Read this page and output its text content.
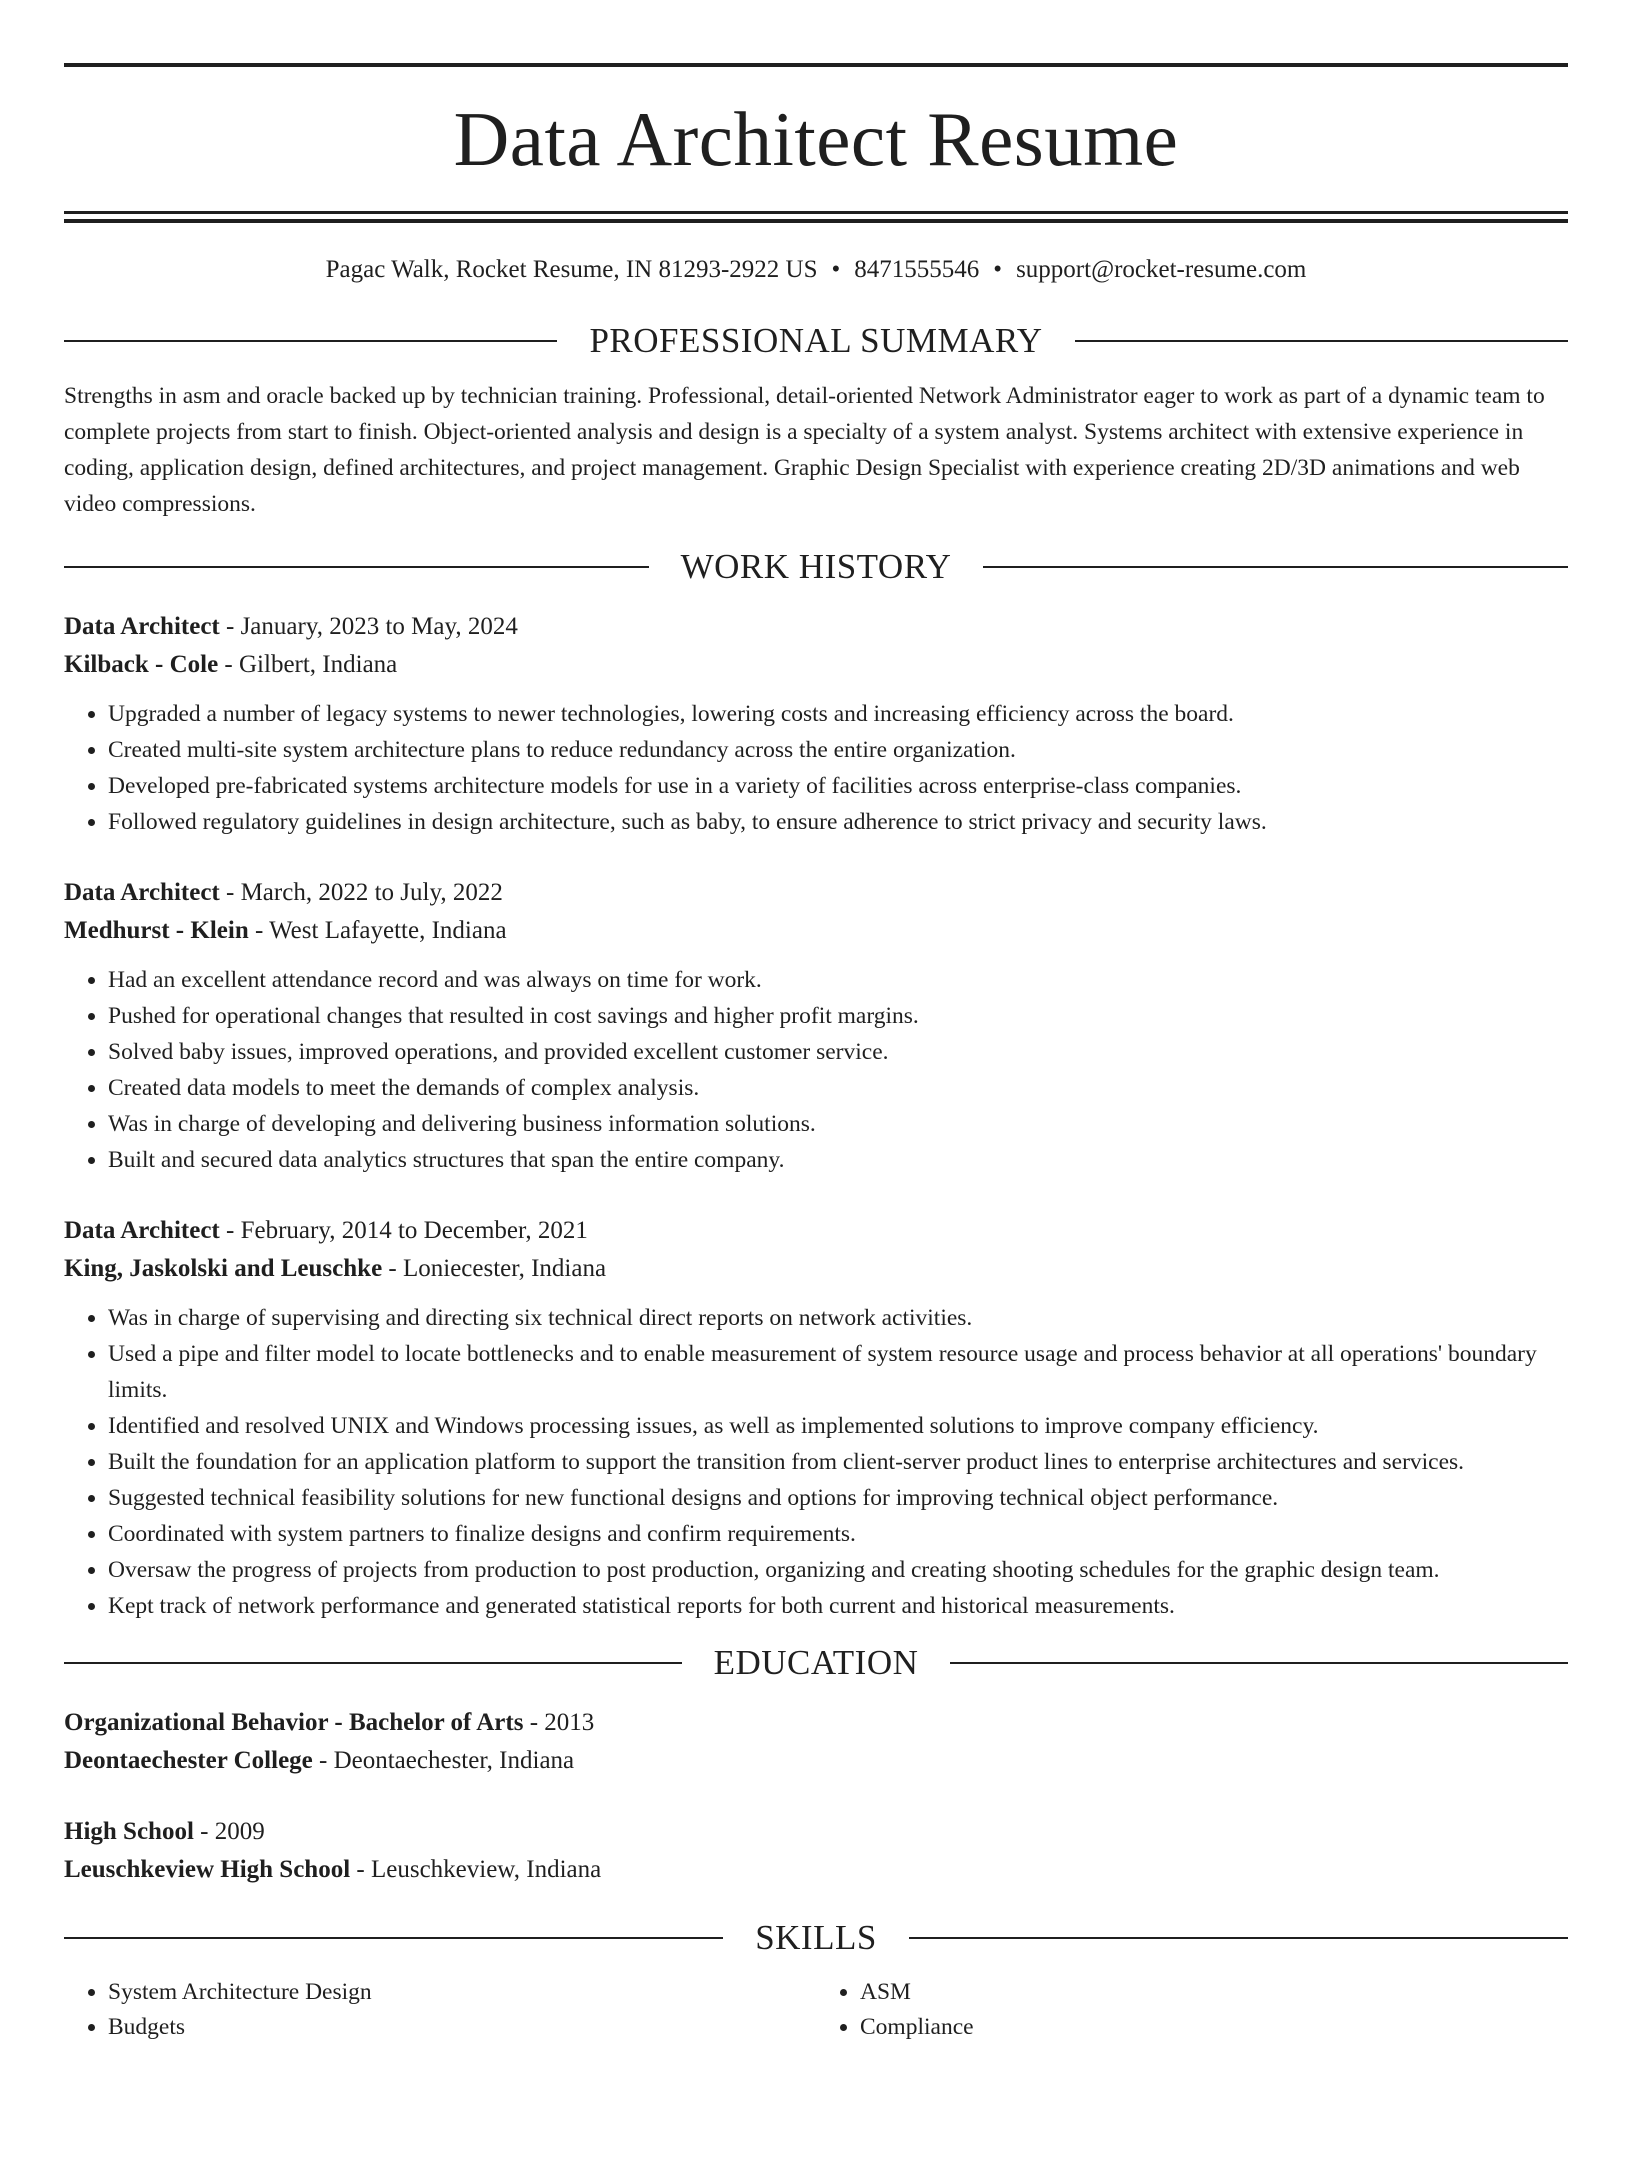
Data Architect Resume
Pagac Walk, Rocket Resume, IN 81293-2922 US • 8471555546 • support@rocket-resume.com
PROFESSIONAL SUMMARY

Strengths in asm and oracle backed up by technician training. Professional, detail-oriented Network Administrator eager to work as part of a dynamic team to complete projects from start to finish. Object-oriented analysis and design is a specialty of a system analyst. Systems architect with extensive experience in coding, application design, defined architectures, and project management. Graphic Design Specialist with experience creating 2D/3D animations and web video compressions.

WORK HISTORY
Data Architect - January, 2023 to May, 2024
Kilback - Cole - Gilbert, Indiana
• Upgraded a number of legacy systems to newer technologies, lowering costs and increasing efficiency across the board.
• Created multi-site system architecture plans to reduce redundancy across the entire organization.
• Developed pre-fabricated systems architecture models for use in a variety of facilities across enterprise-class companies.
• Followed regulatory guidelines in design architecture, such as baby, to ensure adherence to strict privacy and security laws.
Data Architect - March, 2022 to July, 2022
Medhurst - Klein - West Lafayette, Indiana
• Had an excellent attendance record and was always on time for work.
• Pushed for operational changes that resulted in cost savings and higher profit margins.
• Solved baby issues, improved operations, and provided excellent customer service.
• Created data models to meet the demands of complex analysis.
• Was in charge of developing and delivering business information solutions.
• Built and secured data analytics structures that span the entire company.
Data Architect - February, 2014 to December, 2021
King, Jaskolski and Leuschke - Loniecester, Indiana
• Was in charge of supervising and directing six technical direct reports on network activities.
• Used a pipe and filter model to locate bottlenecks and to enable measurement of system resource usage and process behavior at all operations' boundary limits.
• Identified and resolved UNIX and Windows processing issues, as well as implemented solutions to improve company efficiency.
• Built the foundation for an application platform to support the transition from client-server product lines to enterprise architectures and services.
• Suggested technical feasibility solutions for new functional designs and options for improving technical object performance.
• Coordinated with system partners to finalize designs and confirm requirements.
• Oversaw the progress of projects from production to post production, organizing and creating shooting schedules for the graphic design team.
• Kept track of network performance and generated statistical reports for both current and historical measurements.
EDUCATION
Organizational Behavior - Bachelor of Arts - 2013
Deontaechester College - Deontaechester, Indiana
High School - 2009
Leuschkeview High School - Leuschkeview, Indiana
SKILLS
• System Architecture Design
• Budgets
• ASM
• Compliance
